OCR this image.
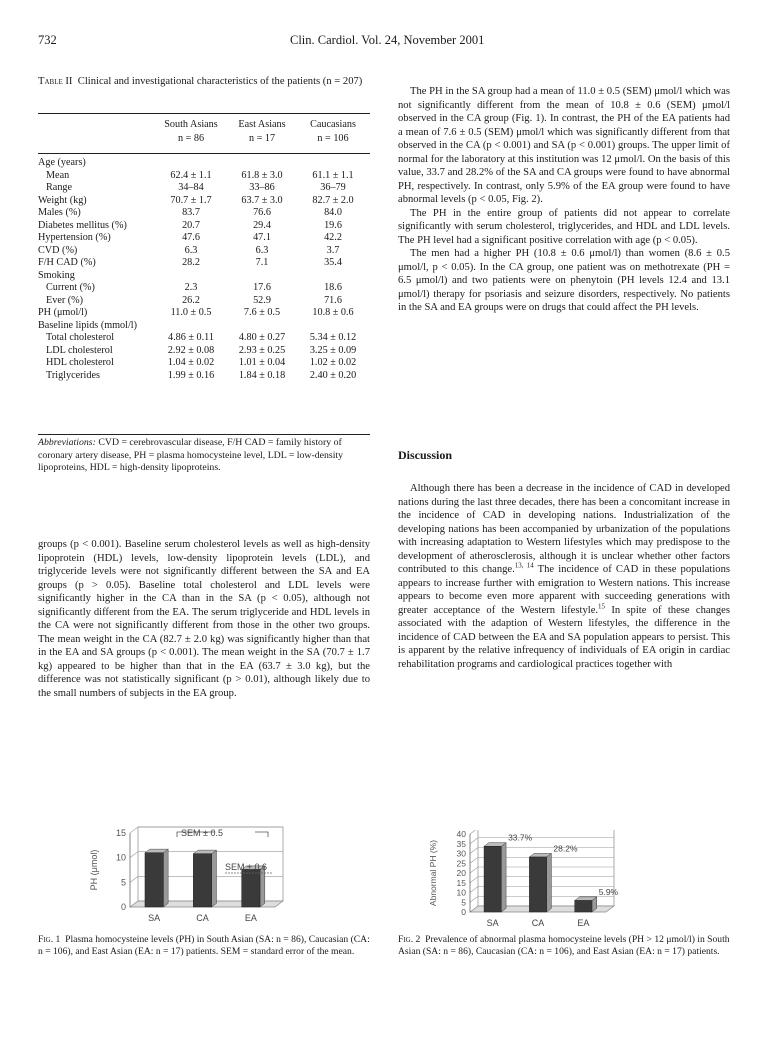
732	Clin. Cardiol. Vol. 24, November 2001
Table II Clinical and investigational characteristics of the patients (n = 207)
	South Asians	East Asians	Caucasians
	n = 86	n = 17	n = 106

Age (years)			
Mean	62.4 ± 1.1	61.8 ± 3.0	61.1 ± 1.1
Range	34–84	33–86	36–79
Weight (kg)	70.7 ± 1.7	63.7 ± 3.0	82.7 ± 2.0
Males (%)	83.7	76.6	84.0
Diabetes mellitus (%)	20.7	29.4	19.6
Hypertension (%)	47.6	47.1	42.2
CVD (%)	6.3	6.3	3.7
F/H CAD (%)	28.2	7.1	35.4
Smoking			
Current (%)	2.3	17.6	18.6
Ever (%)	26.2	52.9	71.6
PH (μmol/l)	11.0 ± 0.5	7.6 ± 0.5	10.8 ± 0.6
Baseline lipids (mmol/l)			
Total cholesterol	4.86 ± 0.11	4.80 ± 0.27	5.34 ± 0.12
LDL cholesterol	2.92 ± 0.08	2.93 ± 0.25	3.25 ± 0.09
HDL cholesterol	1.04 ± 0.02	1.01 ± 0.04	1.02 ± 0.02
Triglycerides	1.99 ± 0.16	1.84 ± 0.18	2.40 ± 0.20
Abbreviations: CVD = cerebrovascular disease, F/H CAD = family history of coronary artery disease, PH = plasma homocysteine level, LDL = low-density lipoproteins, HDL = high-density lipoproteins.

groups (p < 0.001). Baseline serum cholesterol levels as well as high-density lipoprotein (HDL) levels, low-density lipoprotein levels (LDL), and triglyceride levels were not significantly different between the SA and EA groups (p > 0.05). Baseline total cholesterol and LDL levels were significantly higher in the CA than in the SA (p < 0.05), although not significantly different from the EA. The serum triglyceride and HDL levels in the CA were not significantly different from those in the other two groups. The mean weight in the CA (82.7 ± 2.0 kg) was significantly higher than that in the EA and SA groups (p < 0.001). The mean weight in the SA (70.7 ± 1.7 kg) appeared to be higher than that in the EA (63.7 ± 3.0 kg), but the difference was not statistically significant (p > 0.01), although likely due to the small numbers of subjects in the EA group.

The PH in the SA group had a mean of 11.0 ± 0.5 (SEM) μmol/l which was not significantly different from the mean of 10.8 ± 0.6 (SEM) μmol/l observed in the CA group (Fig. 1). In contrast, the PH of the EA patients had a mean of 7.6 ± 0.5 (SEM) μmol/l which was significantly different from that observed in the CA (p < 0.001) and SA (p < 0.001) groups. The upper limit of normal for the laboratory at this institution was 12 μmol/l. On the basis of this value, 33.7 and 28.2% of the SA and CA groups were found to have abnormal PH, respectively. In contrast, only 5.9% of the EA group were found to have abnormal levels (p < 0.05, Fig. 2).

The PH in the entire group of patients did not appear to correlate significantly with serum cholesterol, triglycerides, and HDL and LDL levels. The PH level had a significant positive correlation with age (p < 0.05).

The men had a higher PH (10.8 ± 0.6 μmol/l) than women (8.6 ± 0.5 μmol/l, p < 0.05). In the CA group, one patient was on methotrexate (PH = 6.5 μmol/l) and two patients were on phenytoin (PH levels 12.4 and 13.1 μmol/l) therapy for psoriasis and seizure disorders, respectively. No patients in the SA and EA groups were on drugs that could affect the PH levels.

Discussion

Although there has been a decrease in the incidence of CAD in developed nations during the last three decades, there has been a concomitant increase in the incidence of CAD in developing nations. Industrialization of the developing nations has been accompanied by urbanization of the populations with increasing adaptation to Western lifestyles which may predispose to the development of atherosclerosis, although it is unclear whether other factors contributed to this change.$^{13, 14}$ The incidence of CAD in these populations appears to increase further with emigration to Western nations. This increase appears to become even more apparent with succeeding generations with greater acceptance of the Western lifestyle.$^{15}$ In spite of these changes associated with the adaption of Western lifestyles, the difference in the incidence of CAD between the EA and SA population appears to persist. This is apparent by the relative infrequency of individuals of EA origin in cardiac rehabilitation programs and cardiological practices together with

0
5
10
15
SA	CA	EA
PH (μmol)
SEM ± 0.5
SEM ± 0.6
Fig. 1 Plasma homocysteine levels (PH) in South Asian (SA: n = 86), Caucasian (CA: n = 106), and East Asian (EA: n = 17) patients. SEM = standard error of the mean.
0
5
10
15
20
25
30
35
40
SA
33.7%
CA
28.2%
EA
5.9%
Abnormal PH (%)
Fig. 2 Prevalence of abnormal plasma homocysteine levels (PH > 12 μmol/l) in South Asian (SA: n = 86), Caucasian (CA: n = 106), and East Asian (EA: n = 17) patients.
